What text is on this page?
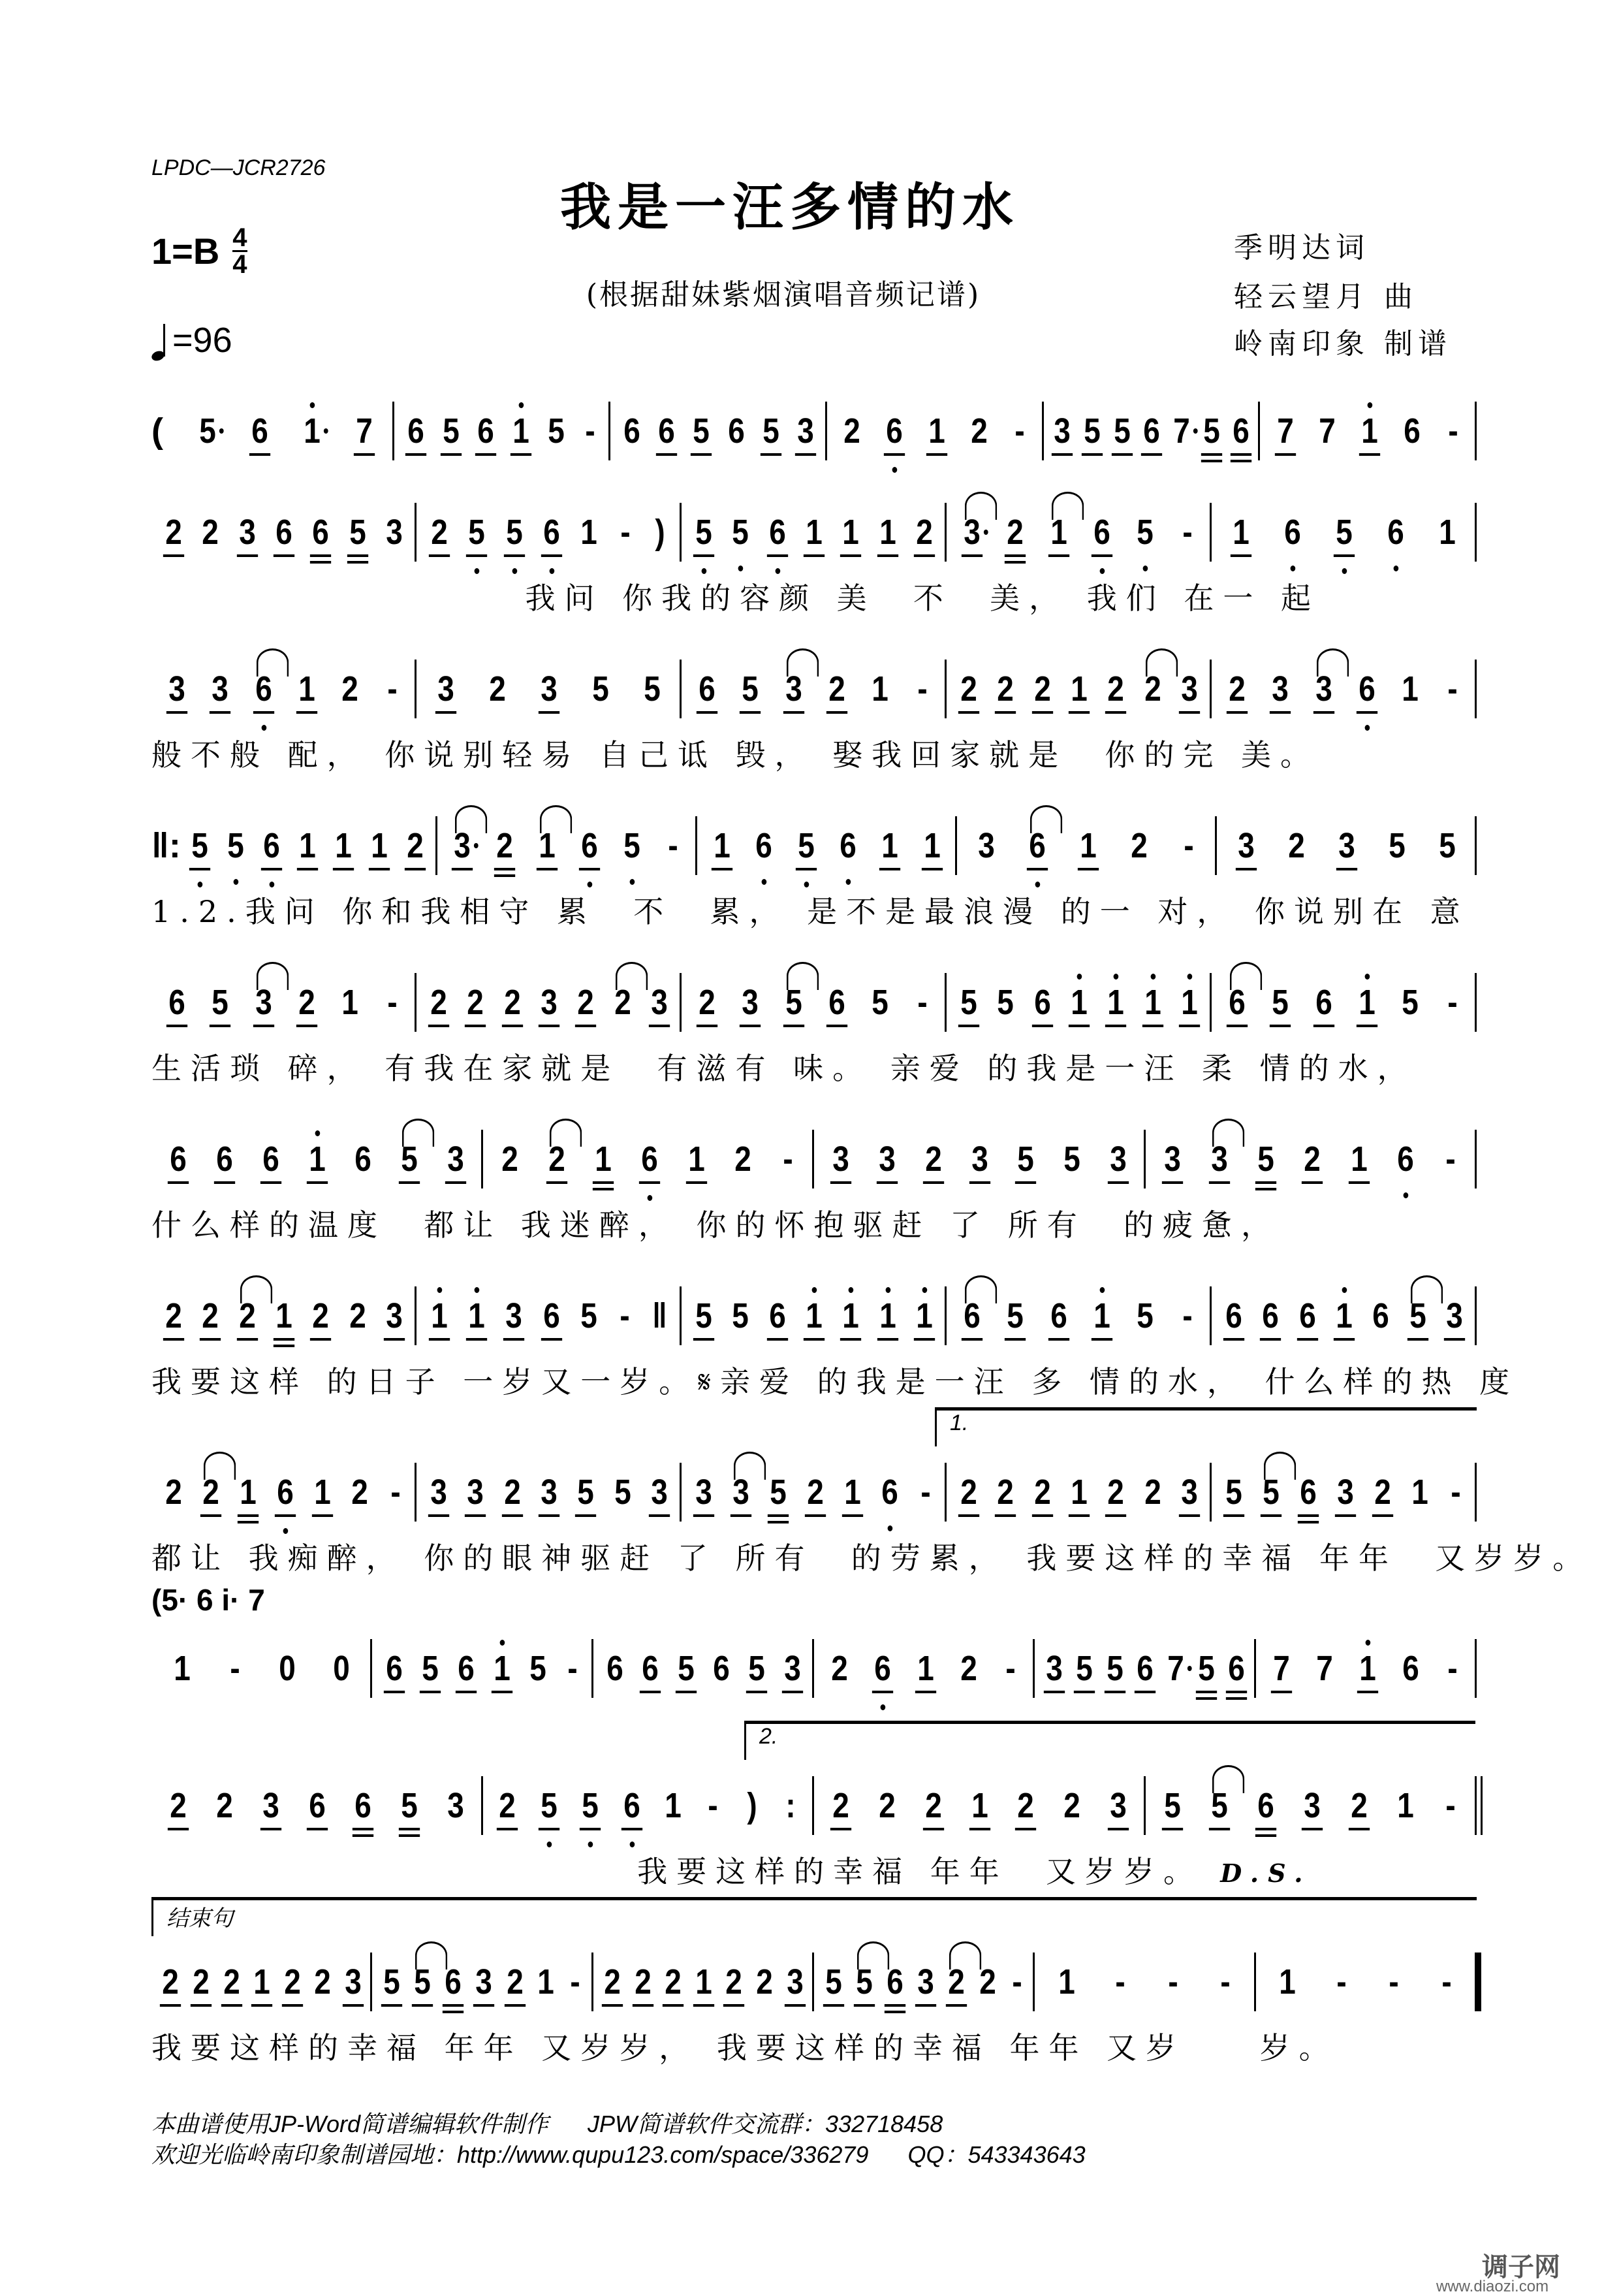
LPDC—JCR2726
我是一汪多情的水
$1=B \frac{4}{4}$
=96
(根据甜妹紫烟演唱音频记谱)
季明达词
轻云望月 曲
岭南印象 制谱
( 5 6 1 7 6 5 6 1 5 - 6 6 5 6 5 3 2 6 1 2 - 3 5 5 6 7 5 6 7 7 1 6 -
2 2 3 6 6 5 3 2 5 5 6 1 - ) 5 5 6 1 1 1 2 3 2 1 6 5 - 1 6 5 6 1
我问 你我的容颜 美  不  美， 我们 在一 起
3 3 6 1 2 - 3 2 3 5 5 6 5 3 2 1 - 2 2 2 1 2 2 3 2 3 3 6 1 -
般不般 配， 你说别轻易 自己诋 毁， 娶我回家就是  你的完 美。
‖: 5 5 6 1 1 1 2 3 2 1 6 5 - 1 6 5 6 1 1 3 6 1 2 - 3 2 3 5 5
1.2.我问 你和我相守 累  不  累， 是不是最浪漫 的一 对， 你说别在 意
6 5 3 2 1 - 2 2 2 3 2 2 3 2 3 5 6 5 - 5 5 6 1 1 1 1 6 5 6 1 5 -
生活琐 碎， 有我在家就是  有滋有 味。 亲爱 的我是一汪 柔 情的水，
6 6 6 1 6 5 3 2 2 1 6 1 2 - 3 3 2 3 5 5 3 3 3 5 2 1 6 -
什么样的温度  都让 我迷醉， 你的怀抱驱赶 了 所有  的疲惫，
2 2 2 1 2 2 3 1 1 3 6 5 - ‖ 5 5 6 1 1 1 1 6 5 6 1 5 - 6 6 6 1 6 5 3
我要这样 的日子 一岁又一岁。𝄋亲爱 的我是一汪 多 情的水， 什么样的热 度
2 2 1 6 1 2 - 3 3 2 3 5 5 3 3 3 5 2 1 6 - 2 2 2 1 2 2 3 5 5 6 3 2 1 -
1.
都让 我痴醉， 你的眼神驱赶 了 所有  的劳累， 我要这样的幸福 年年  又岁岁。
(5· 6 i· 7
1 - 0 0 6 5 6 1 5 - 6 6 5 6 5 3 2 6 1 2 - 3 5 5 6 7 5 6 7 7 1 6 -
2 2 3 6 6 5 3 2 5 5 6 1 - ) : 2 2 2 1 2 2 3 5 5 6 3 2 1 -
2.
我要这样的幸福 年年  又岁岁。 D.S.
2 2 2 1 2 2 3 5 5 6 3 2 1 - 2 2 2 1 2 2 3 5 5 6 3 2 2 - 1 - - - 1 - - -
结束句
我要这样的幸福 年年 又岁岁， 我要这样的幸福 年年 又岁    岁。
本曲谱使用JP-Word简谱编辑软件制作 JPW简谱软件交流群：332718458
欢迎光临岭南印象制谱园地：http://www.qupu123.com/space/336279 QQ：543343643
调子网
www.diaozi.com
